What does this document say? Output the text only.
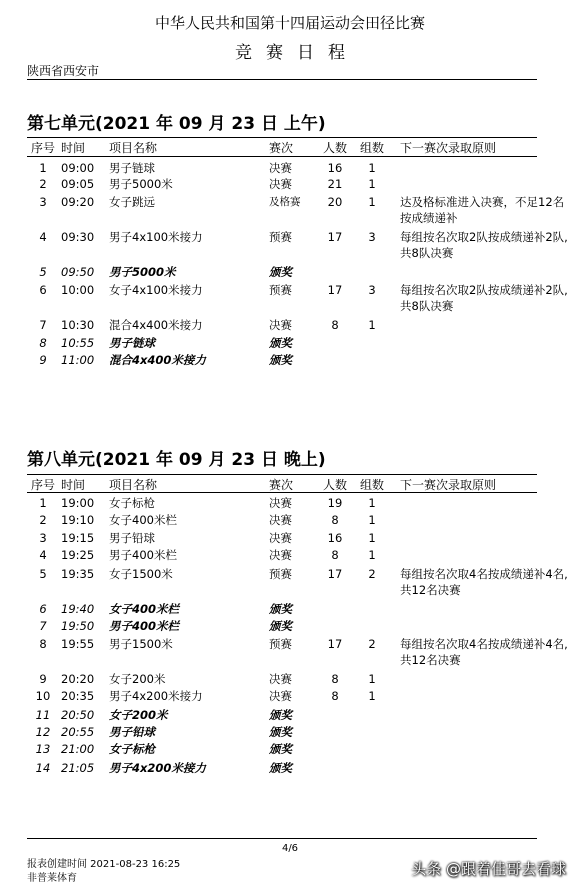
中华人民共和国第十四届运动会田径比赛
竞赛日程
陕西省西安市
第七单元(2021 年 09 月 23 日 上午)
序号 时间 项目名称	赛次	人数	组数 下一赛次录取原则
1	09:00 男子链球	决赛	16	1
2	09:05 男子5000米	决赛	21	1
3	09:20 女子跳远	及格赛	20	1	达及格标准进入决赛，不足12名按成绩递补
4	09:30 男子4x100米接力	预赛	17	3	每组按名次取2队按成绩递补2队,共8队决赛
5	09:50 男子5000米	颁奖
6	10:00 女子4x100米接力	预赛	17	3	每组按名次取2队按成绩递补2队,共8队决赛
7	10:30 混合4x400米接力	决赛	8	1
8	10:55 男子链球	颁奖
9	11:00 混合4x400米接力	颁奖
第八单元(2021 年 09 月 23 日 晚上)
序号 时间 项目名称	赛次	人数	组数 下一赛次录取原则
1	19:00 女子标枪	决赛	19	1
2	19:10 女子400米栏	决赛	8	1
3	19:15 男子铅球	决赛	16	1
4	19:25 男子400米栏	决赛	8	1
5	19:35 女子1500米	预赛	17	2	每组按名次取4名按成绩递补4名,共12名决赛
6	19:40 女子400米栏	颁奖
7	19:50 男子400米栏	颁奖
8	19:55 男子1500米	预赛	17	2	每组按名次取4名按成绩递补4名,共12名决赛
9	20:20 女子200米	决赛	8	1
10 20:35 男子4x200米接力	决赛	8	1
11 20:50 女子200米	颁奖
12 20:55 男子铅球	颁奖
13 21:00 女子标枪	颁奖
14 21:05 男子4x200米接力	颁奖
4/6
报表创建时间 2021-08-23 16:25
非普莱体育
头条 @跟着佳哥去看球
